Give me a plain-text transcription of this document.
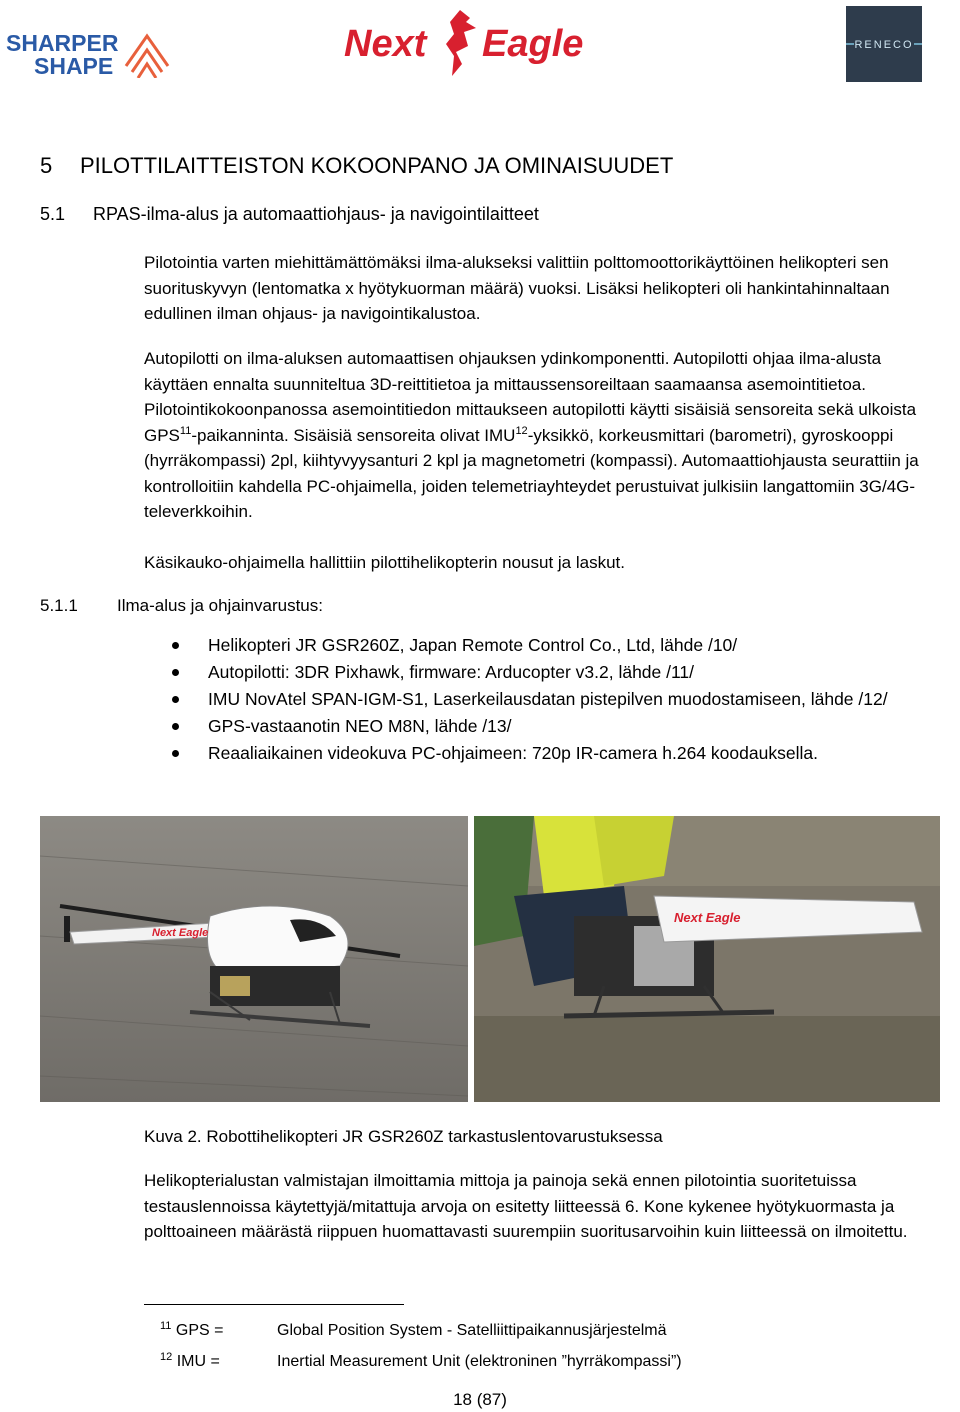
SHARPER
SHAPE
Next Eagle	RENECO
5 PILOTTILAITTEISTON KOKOONPANO JA OMINAISUUDET
5.1 RPAS-ilma-alus ja automaattiohjaus- ja navigointilaitteet

Pilotointia varten miehittämättömäksi ilma-alukseksi valittiin polttomoottorikäyttöinen helikopteri sen suorituskyvyn (lentomatka x hyötykuorman määrä) vuoksi. Lisäksi helikopteri oli hankintahinnaltaan edullinen ilman ohjaus- ja navigointikalustoa.

Autopilotti on ilma-aluksen automaattisen ohjauksen ydinkomponentti. Autopilotti ohjaa ilma-alusta käyttäen ennalta suunniteltua 3D-reittitietoa ja mittaussensoreiltaan saamaansa asemointitietoa. Pilotointikokoonpanossa asemointitiedon mittaukseen autopilotti käytti sisäisiä sensoreita sekä ulkoista GPS$^{11}$-paikanninta. Sisäisiä sensoreita olivat IMU$^{12}$-yksikkö, korkeusmittari (barometri), gyroskooppi (hyrräkompassi) 2pl, kiihtyvyysanturi 2 kpl ja magnetometri (kompassi). Automaattiohjausta seurattiin ja kontrolloitiin kahdella PC-ohjaimella, joiden telemetriayhteydet perustuivat julkisiin langattomiin 3G/4G-televerkkoihin.

Käsikauko-ohjaimella hallittiin pilottihelikopterin nousut ja laskut.

5.1.1 Ilma-alus ja ohjainvarustus:
Helikopteri JR GSR260Z, Japan Remote Control Co., Ltd, lähde /10/
Autopilotti: 3DR Pixhawk, firmware: Arducopter v3.2, lähde /11/
IMU NovAtel SPAN-IGM-S1, Laserkeilausdatan pistepilven muodostamiseen, lähde /12/
GPS-vastaanotin NEO M8N, lähde /13/
Reaaliaikainen videokuva PC-ohjaimeen: 720p IR-camera h.264 koodauksella.
Next Eagle
Next Eagle

Kuva 2. Robottihelikopteri JR GSR260Z tarkastuslentovarustuksessa

Helikopterialustan valmistajan ilmoittamia mittoja ja painoja sekä ennen pilotointia suoritetuissa testauslennoissa käytettyjä/mitattuja arvoja on esitetty liitteessä 6. Kone kykenee hyötykuormasta ja polttoaineen määrästä riippuen huomattavasti suurempiin suoritusarvoihin kuin liitteessä on ilmoitettu.

$^{11}$ GPS =	Global Position System - Satelliittipaikannusjärjestelmä
$^{12}$ IMU =	Inertial Measurement Unit (elektroninen ”hyrräkompassi”)
18 (87)
